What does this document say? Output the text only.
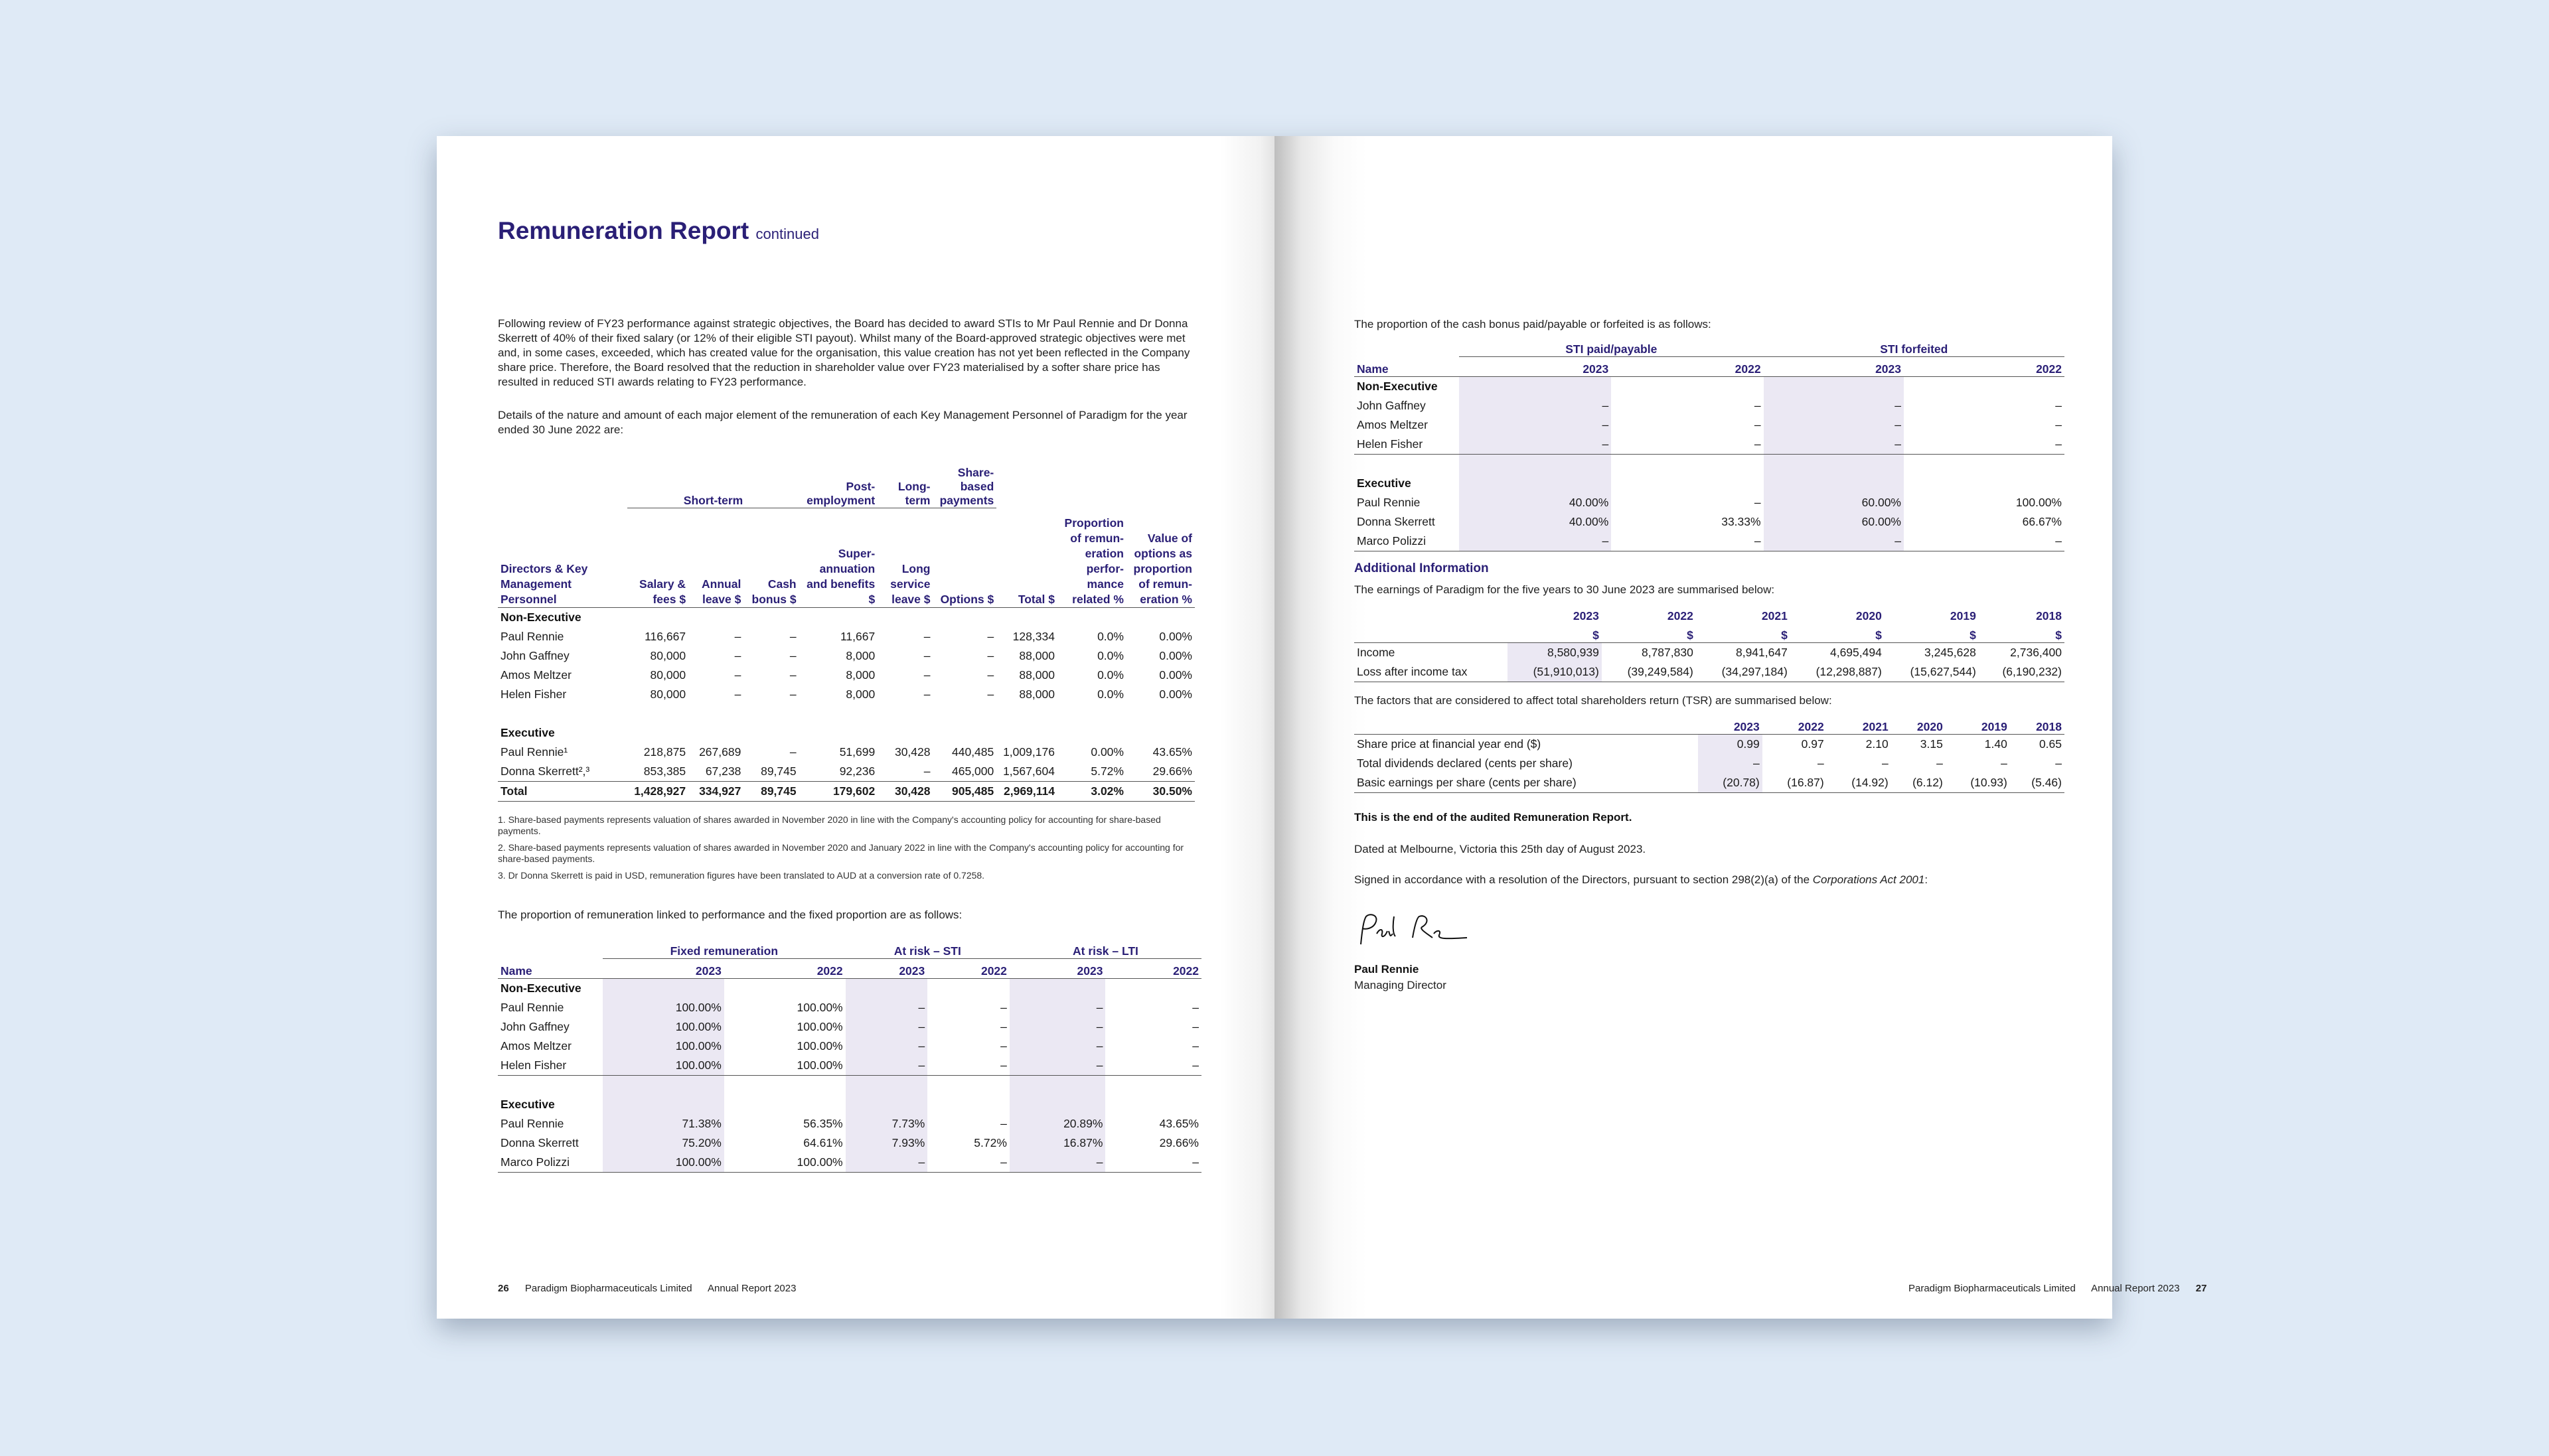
Remuneration Report continued
Following review of FY23 performance against strategic objectives, the Board has decided to award STIs to Mr Paul Rennie and Dr Donna Skerrett of 40% of their fixed salary (or 12% of their eligible STI payout). Whilst many of the Board-approved strategic objectives were met and, in some cases, exceeded, which has created value for the organisation, this value creation has not yet been reflected in the Company share price. Therefore, the Board resolved that the reduction in shareholder value over FY23 materialised by a softer share price has resulted in reduced STI awards relating to FY23 performance.
Details of the nature and amount of each major element of the remuneration of each Key Management Personnel of Paradigm for the year ended 30 June 2022 are:
	Short-term			Post-employment	Long-term	Share-based payments			
Directors & Key Management Personnel	Salary & fees $	Annual leave $	Cash bonus $	Super-annuation and benefits $	Long service leave $	Options $	Total $	Proportion of remun-eration perfor-mance related %	Value of options as proportion of remun-eration %
Non-Executive									
Paul Rennie	116,667	–	–	11,667	–	–	128,334	0.0%	0.00%
John Gaffney	80,000	–	–	8,000	–	–	88,000	0.0%	0.00%
Amos Meltzer	80,000	–	–	8,000	–	–	88,000	0.0%	0.00%
Helen Fisher	80,000	–	–	8,000	–	–	88,000	0.0%	0.00%

Executive									
Paul Rennie¹	218,875	267,689	–	51,699	30,428	440,485	1,009,176	0.00%	43.65%
Donna Skerrett²,³	853,385	67,238	89,745	92,236	–	465,000	1,567,604	5.72%	29.66%
Total	1,428,927	334,927	89,745	179,602	30,428	905,485	2,969,114	3.02%	30.50%
1. Share-based payments represents valuation of shares awarded in November 2020 in line with the Company's accounting policy for accounting for share-based payments.
2. Share-based payments represents valuation of shares awarded in November 2020 and January 2022 in line with the Company's accounting policy for accounting for share-based payments.
3. Dr Donna Skerrett is paid in USD, remuneration figures have been translated to AUD at a conversion rate of 0.7258.
The proportion of remuneration linked to performance and the fixed proportion are as follows:
	Fixed remuneration		At risk – STI		At risk – LTI	
Name	2023	2022	2023	2022	2023	2022
Non-Executive						
Paul Rennie	100.00%	100.00%	–	–	–	–
John Gaffney	100.00%	100.00%	–	–	–	–
Amos Meltzer	100.00%	100.00%	–	–	–	–
Helen Fisher	100.00%	100.00%	–	–	–	–

Executive						
Paul Rennie	71.38%	56.35%	7.73%	–	20.89%	43.65%
Donna Skerrett	75.20%	64.61%	7.93%	5.72%	16.87%	29.66%
Marco Polizzi	100.00%	100.00%	–	–	–	–
26 Paradigm Biopharmaceuticals Limited Annual Report 2023
The proportion of the cash bonus paid/payable or forfeited is as follows:
	STI paid/payable		STI forfeited	
Name	2023	2022	2023	2022
Non-Executive				
John Gaffney	–	–	–	–
Amos Meltzer	–	–	–	–
Helen Fisher	–	–	–	–

Executive				
Paul Rennie	40.00%	–	60.00%	100.00%
Donna Skerrett	40.00%	33.33%	60.00%	66.67%
Marco Polizzi	–	–	–	–
Additional Information
The earnings of Paradigm for the five years to 30 June 2023 are summarised below:
	2023	2022	2021	2020	2019	2018
	$	$	$	$	$	$
Income	8,580,939	8,787,830	8,941,647	4,695,494	3,245,628	2,736,400
Loss after income tax	(51,910,013)	(39,249,584)	(34,297,184)	(12,298,887)	(15,627,544)	(6,190,232)
The factors that are considered to affect total shareholders return (TSR) are summarised below:
	2023	2022	2021	2020	2019	2018
Share price at financial year end ($)	0.99	0.97	2.10	3.15	1.40	0.65
Total dividends declared (cents per share)	–	–	–	–	–	–
Basic earnings per share (cents per share)	(20.78)	(16.87)	(14.92)	(6.12)	(10.93)	(5.46)
This is the end of the audited Remuneration Report.
Dated at Melbourne, Victoria this 25th day of August 2023.
Signed in accordance with a resolution of the Directors, pursuant to section 298(2)(a) of the Corporations Act 2001:
Paul Rennie
Managing Director
Paradigm Biopharmaceuticals Limited Annual Report 2023 27
